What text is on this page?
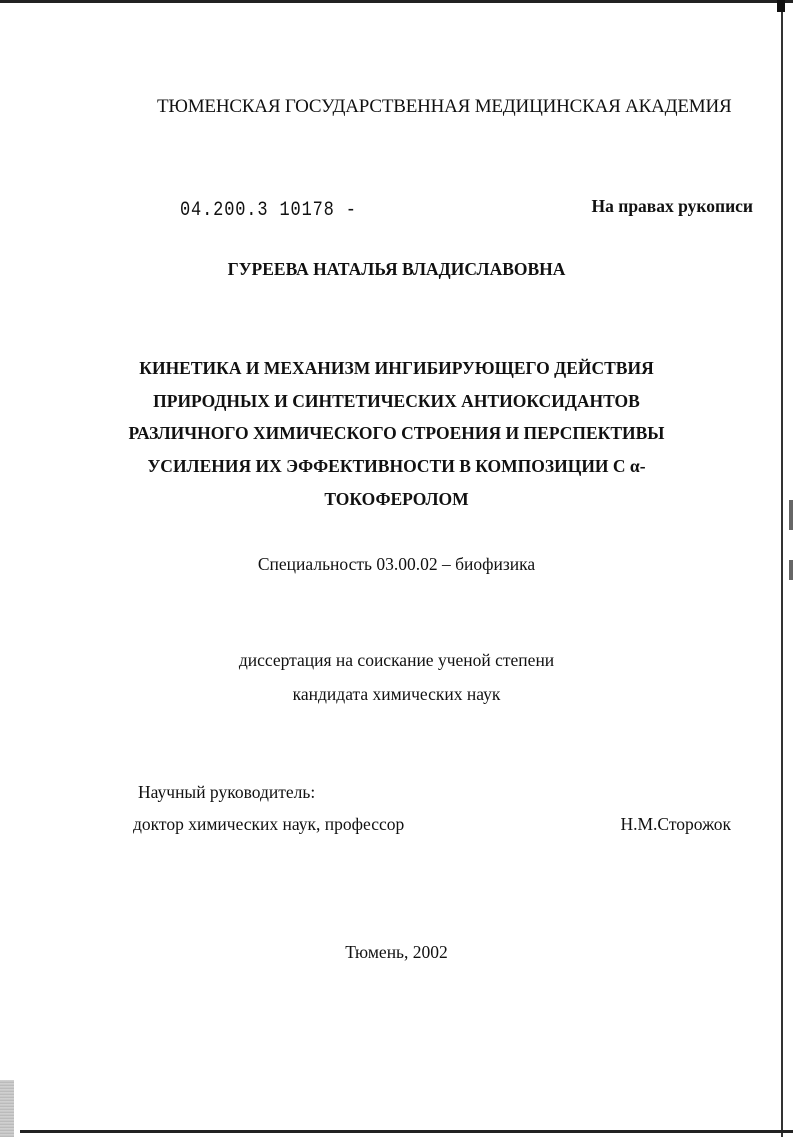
ТЮМЕНСКАЯ ГОСУДАРСТВЕННАЯ МЕДИЦИНСКАЯ АКАДЕМИЯ

04.200.3 10178 -	На правах рукописи

ГУРЕЕВА НАТАЛЬЯ ВЛАДИСЛАВОВНА

КИНЕТИКА И МЕХАНИЗМ ИНГИБИРУЮЩЕГО ДЕЙСТВИЯ

ПРИРОДНЫХ И СИНТЕТИЧЕСКИХ АНТИОКСИДАНТОВ

РАЗЛИЧНОГО ХИМИЧЕСКОГО СТРОЕНИЯ И ПЕРСПЕКТИВЫ

УСИЛЕНИЯ ИХ ЭФФЕКТИВНОСТИ В КОМПОЗИЦИИ С α-

ТОКОФЕРОЛОМ

Специальность 03.00.02 – биофизика

диссертация на соискание ученой степени

кандидата химических наук

Научный руководитель:

доктор химических наук, профессор	Н.М.Сторожок

Тюмень, 2002
